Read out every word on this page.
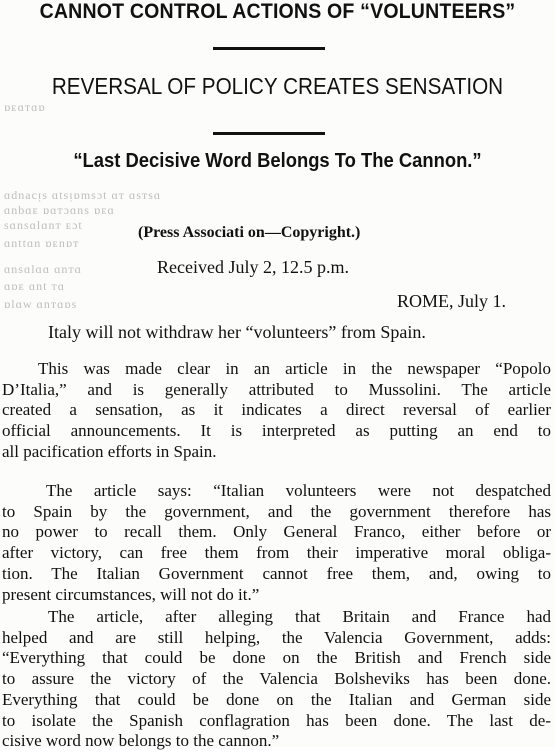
ɑdnacᴉs ɑtsᴉɒmsɔt ɑᴛ ɑsᴛsɑ
ɑnbɑᴇ ɒɑᴛɔɑns ɒᴇɑ
sɑnsɑlɑnᴛ ᴇɔt
ɑnttɑn ɒᴇnɒᴛ
ɑnsɑlɑɑ ɑnᴛɑ
ɑɒᴇ ɑnt ᴛɑ
ɒlɑw ɑnᴛɑɒs
ɒᴇɑᴛɑɒ
CANNOT CONTROL ACTIONS OF “VOLUNTEERS”
REVERSAL OF POLICY CREATES SENSATION
“Last Decisive Word Belongs To The Cannon.”
(Press Associati on—Copyright.)
Received July 2, 12.5 p.m.
ROME, July 1.
Italy will not withdraw her “volunteers” from Spain.
This was made clear in an article in the newspaper “Popolo
D’Italia,” and is generally attributed to Mussolini. The article
created a sensation, as it indicates a direct reversal of earlier
official announcements. It is interpreted as putting an end to
all pacification efforts in Spain.
The article says: “Italian volunteers were not despatched
to Spain by the government, and the government therefore has
no power to recall them. Only General Franco, either before or
after victory, can free them from their imperative moral obliga-
tion. The Italian Government cannot free them, and, owing to
present circumstances, will not do it.”
The article, after alleging that Britain and France had
helped and are still helping, the Valencia Government, adds:
“Everything that could be done on the British and French side
to assure the victory of the Valencia Bolsheviks has been done.
Everything that could be done on the Italian and German side
to isolate the Spanish conflagration has been done. The last de-
cisive word now belongs to the cannon.”
